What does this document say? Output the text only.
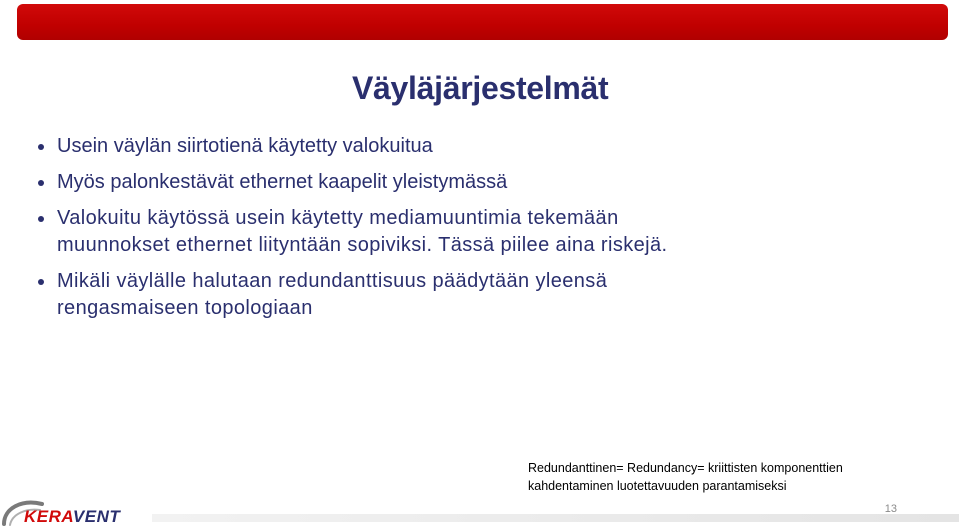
Väyläjärjestelmät
Usein väylän siirtotienä käytetty valokuitua
Myös palonkestävät ethernet kaapelit yleistymässä
Valokuitu käytössä usein käytetty mediamuuntimia tekemään muunnokset ethernet liityntään sopiviksi. Tässä piilee aina riskejä.
Mikäli väylälle halutaan redundanttisuus päädytään yleensä rengasmaiseen topologiaan

Redundanttinen= Redundancy= kriittisten komponenttien

kahdentaminen luotettavuuden parantamiseksi

13
KERAVENT
